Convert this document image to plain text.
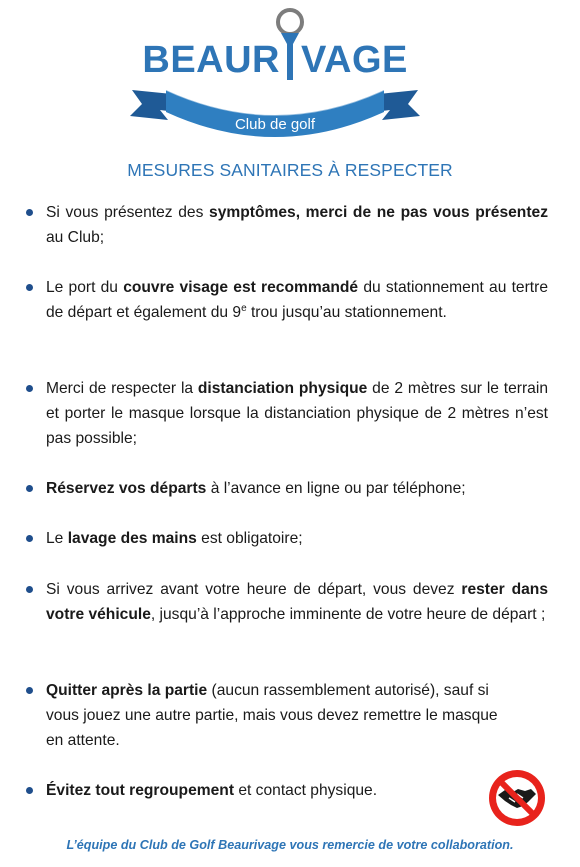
BEAUR VAGE
Club de golf
MESURES SANITAIRES À RESPECTER
Si vous présentez des symptômes, merci de ne pas vous présentez au Club;
Le port du couvre visage est recommandé du stationnement au tertre de départ et également du 9e trou jusqu’au stationnement.
Merci de respecter la distanciation physique de 2 mètres sur le terrain et porter le masque lorsque la distanciation physique de 2 mètres n’est pas possible;
Réservez vos départs à l’avance en ligne ou par téléphone;
Le lavage des mains est obligatoire;
Si vous arrivez avant votre heure de départ, vous devez rester dans votre véhicule, jusqu’à l’approche imminente de votre heure de départ ;
Quitter après la partie (aucun rassemblement autorisé), sauf si vous jouez une autre partie, mais vous devez remettre le masque en attente.
Évitez tout regroupement et contact physique.
L’équipe du Club de Golf Beaurivage vous remercie de votre collaboration.
